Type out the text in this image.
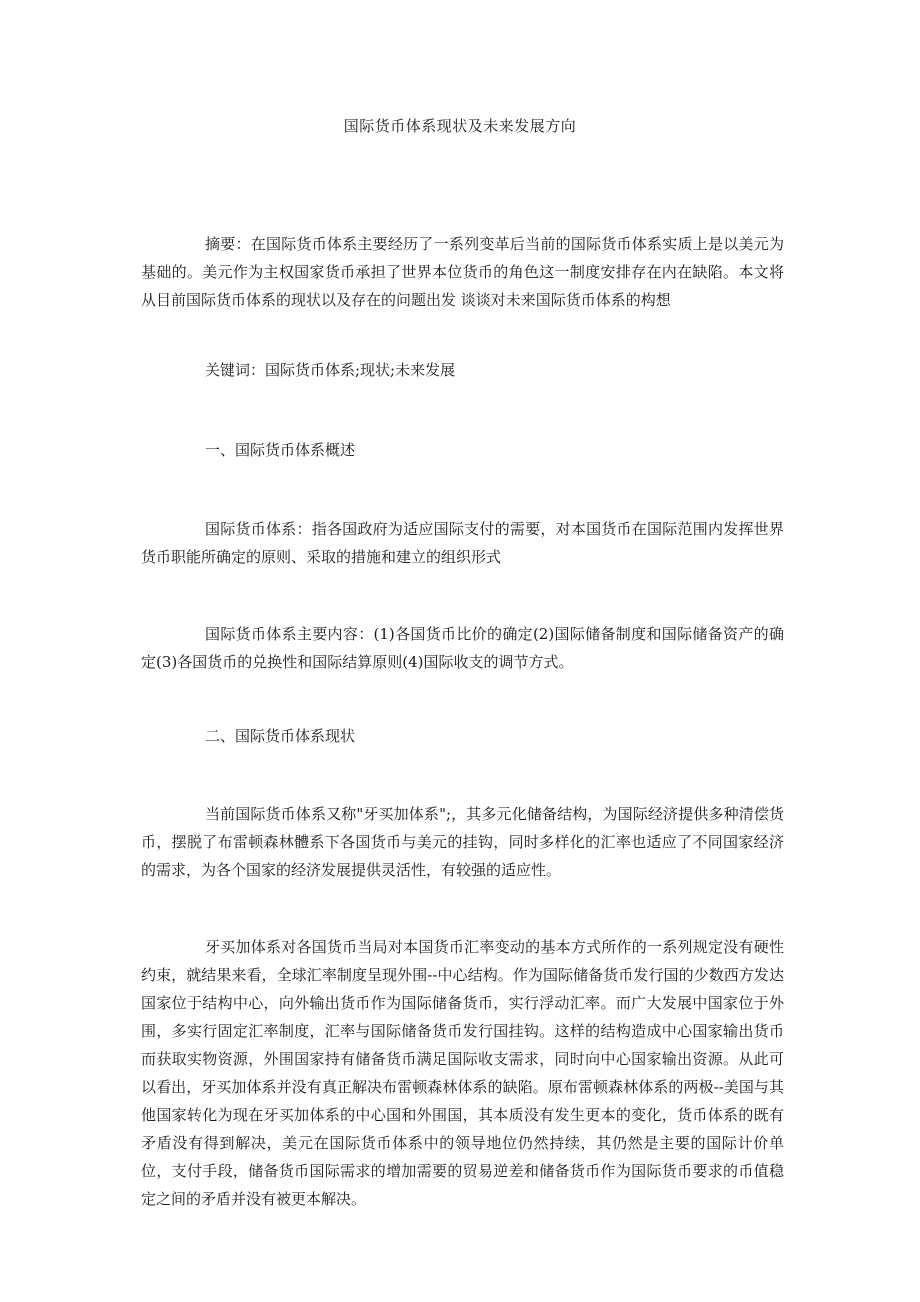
国际货币体系现状及未来发展方向

摘要：在国际货币体系主要经历了一系列变革后当前的国际货币体系实质上是以美元为基础的。美元作为主权国家货币承担了世界本位货币的角色这一制度安排存在内在缺陷。本文将从目前国际货币体系的现状以及存在的问题出发 谈谈对未来国际货币体系的构想

关键词：国际货币体系;现状;未来发展

一、国际货币体系概述

国际货币体系：指各国政府为适应国际支付的需要，对本国货币在国际范围内发挥世界货币职能所确定的原则、采取的措施和建立的组织形式

国际货币体系主要内容：(1)各国货币比价的确定(2)国际储备制度和国际储备资产的确定(3)各国货币的兑换性和国际结算原则(4)国际收支的调节方式。

二、国际货币体系现状

当前国际货币体系又称"牙买加体系";，其多元化储备结构，为国际经济提供多种清偿货币，摆脱了布雷顿森林體系下各国货币与美元的挂钩，同时多样化的汇率也适应了不同国家经济的需求，为各个国家的经济发展提供灵活性，有较强的适应性。

牙买加体系对各国货币当局对本国货币汇率变动的基本方式所作的一系列规定没有硬性约束，就结果来看，全球汇率制度呈现外围--中心结构。作为国际储备货币发行国的少数西方发达国家位于结构中心，向外输出货币作为国际储备货币，实行浮动汇率。而广大发展中国家位于外围，多实行固定汇率制度，汇率与国际储备货币发行国挂钩。这样的结构造成中心国家输出货币而获取实物资源，外围国家持有储备货币满足国际收支需求，同时向中心国家输出资源。从此可以看出，牙买加体系并没有真正解决布雷顿森林体系的缺陷。原布雷顿森林体系的两极--美国与其他国家转化为现在牙买加体系的中心国和外围国，其本质没有发生更本的变化，货币体系的既有矛盾没有得到解决，美元在国际货币体系中的领导地位仍然持续，其仍然是主要的国际计价单位，支付手段，储备货币国际需求的增加需要的贸易逆差和储备货币作为国际货币要求的币值稳定之间的矛盾并没有被更本解决。
